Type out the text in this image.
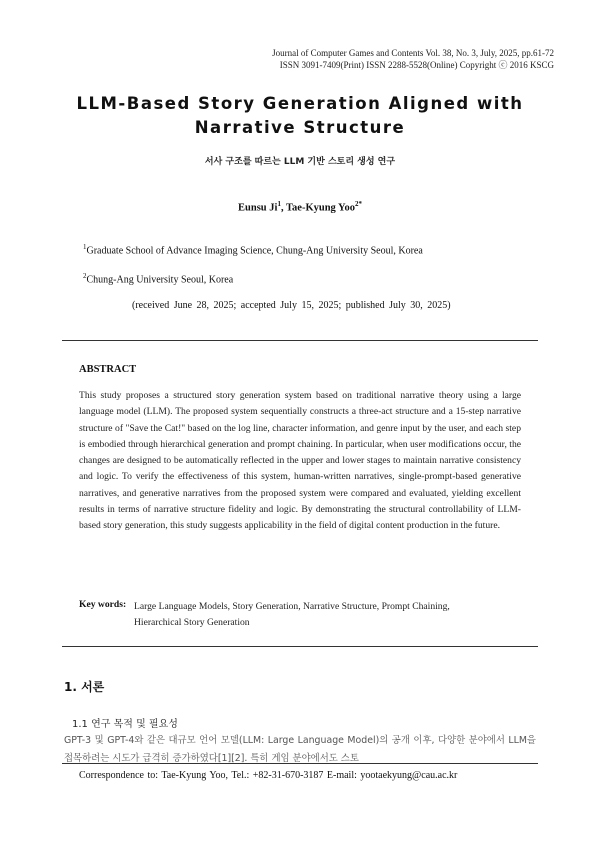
Journal of Computer Games and Contents Vol. 38, No. 3, July, 2025, pp.61-72
ISSN 3091-7409(Print) ISSN 2288-5528(Online) Copyright ⓒ 2016 KSCG
LLM-Based Story Generation Aligned with
Narrative Structure
서사 구조를 따르는 LLM 기반 스토리 생성 연구
Eunsu Ji$^1$, Tae-Kyung Yoo$^{2*}$
$^1$Graduate School of Advance Imaging Science, Chung-Ang University Seoul, Korea
$^2$Chung-Ang University Seoul, Korea
(received June 28, 2025; accepted July 15, 2025; published July 30, 2025)
ABSTRACT
This study proposes a structured story generation system based on traditional narrative theory using a large language model (LLM). The proposed system sequentially constructs a three-act structure and a 15-step narrative structure of "Save the Cat!" based on the log line, character information, and genre input by the user, and each step is embodied through hierarchical generation and prompt chaining. In particular, when user modifications occur, the changes are designed to be automatically reflected in the upper and lower stages to maintain narrative consistency and logic. To verify the effectiveness of this system, human-written narratives, single-prompt-based generative narratives, and generative narratives from the proposed system were compared and evaluated, yielding excellent results in terms of narrative structure fidelity and logic. By demonstrating the structural controllability of LLM-based story generation, this study suggests applicability in the field of digital content production in the future.
Key words: Large Language Models, Story Generation, Narrative Structure, Prompt Chaining,
Hierarchical Story Generation
1. 서론
1.1 연구 목적 및 필요성
GPT-3 및 GPT-4와 같은 대규모 언어 모델(LLM: Large Language Model)의 공개 이후, 다양한 분야에서 LLM을 접목하려는 시도가 급격히 증가하였다[1][2]. 특히 게임 분야에서도 스토
Correspondence to: Tae-Kyung Yoo, Tel.: +82-31-670-3187 E-mail: yootaekyung@cau.ac.kr
